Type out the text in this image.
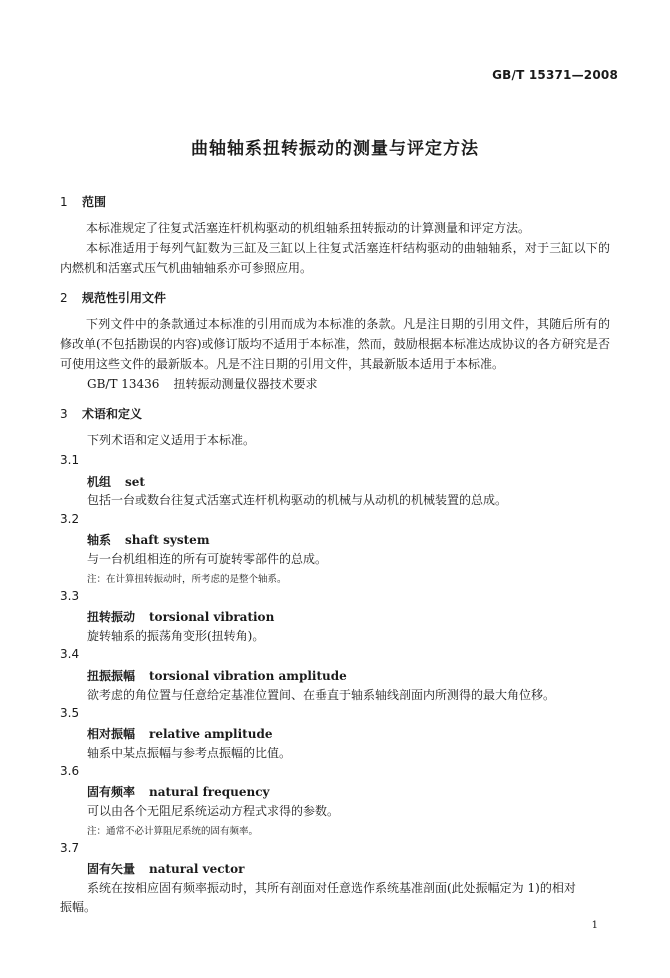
GB/T 15371—2008
曲轴轴系扭转振动的测量与评定方法
1 范围
本标准规定了往复式活塞连杆机构驱动的机组轴系扭转振动的计算测量和评定方法。
本标准适用于每列气缸数为三缸及三缸以上往复式活塞连杆结构驱动的曲轴轴系，对于三缸以下的内燃机和活塞式压气机曲轴轴系亦可参照应用。
2 规范性引用文件
下列文件中的条款通过本标准的引用而成为本标准的条款。凡是注日期的引用文件，其随后所有的修改单(不包括勘误的内容)或修订版均不适用于本标准，然而，鼓励根据本标准达成协议的各方研究是否可使用这些文件的最新版本。凡是不注日期的引用文件，其最新版本适用于本标准。
GB/T 13436 扭转振动测量仪器技术要求
3 术语和定义
下列术语和定义适用于本标准。
3.1
机组 set
包括一台或数台往复式活塞式连杆机构驱动的机械与从动机的机械装置的总成。
3.2
轴系 shaft system
与一台机组相连的所有可旋转零部件的总成。
注：在计算扭转振动时，所考虑的是整个轴系。
3.3
扭转振动 torsional vibration
旋转轴系的振荡角变形(扭转角)。
3.4
扭振振幅 torsional vibration amplitude
欲考虑的角位置与任意给定基准位置间、在垂直于轴系轴线剖面内所测得的最大角位移。
3.5
相对振幅 relative amplitude
轴系中某点振幅与参考点振幅的比值。
3.6
固有频率 natural frequency
可以由各个无阻尼系统运动方程式求得的参数。
注：通常不必计算阻尼系统的固有频率。
3.7
固有矢量 natural vector
系统在按相应固有频率振动时，其所有剖面对任意选作系统基准剖面(此处振幅定为 1)的相对
振幅。
1
